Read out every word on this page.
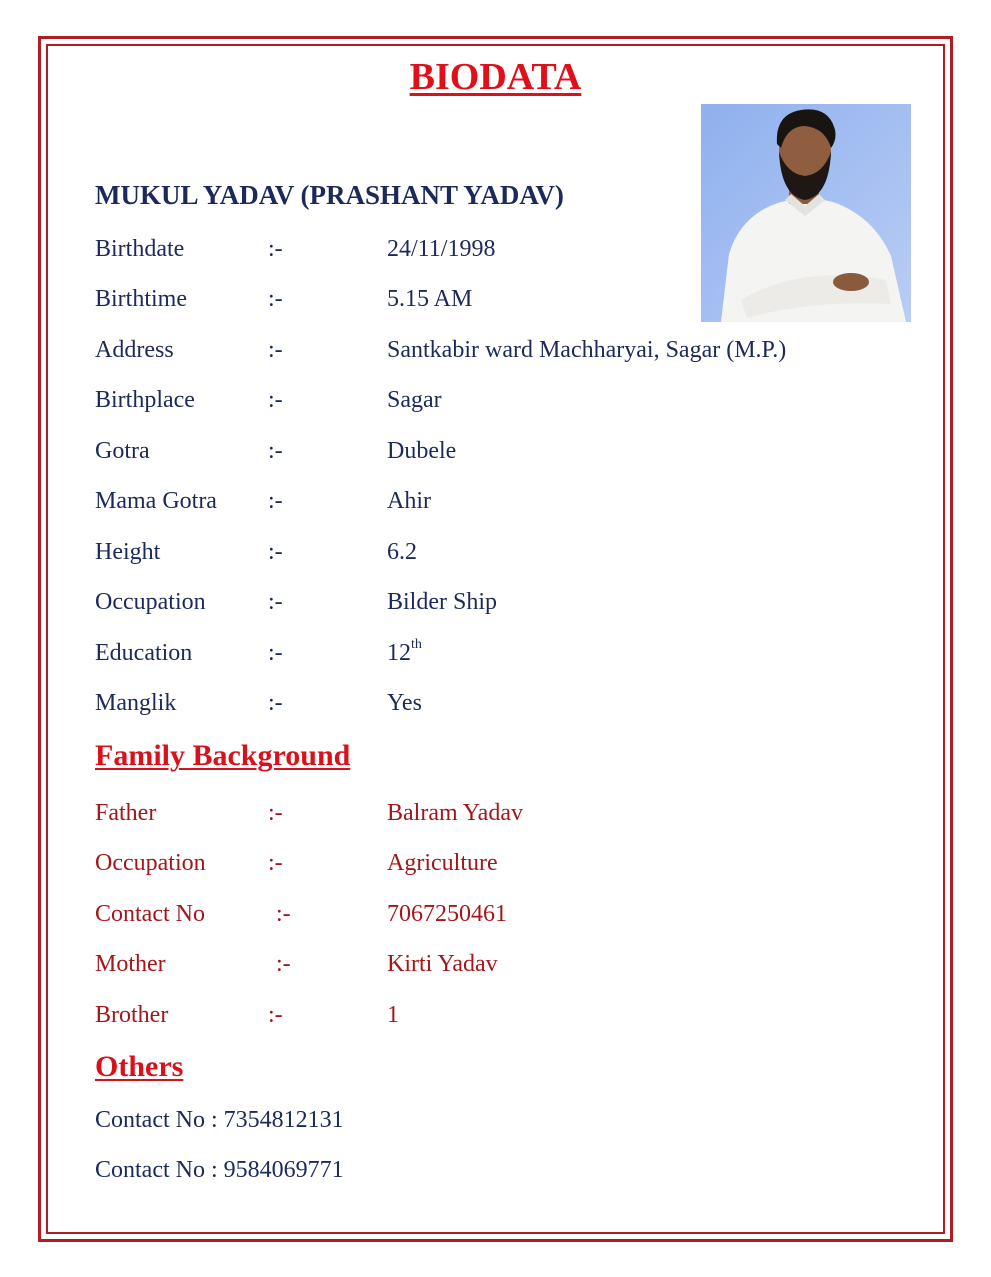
BIODATA
MUKUL YADAV (PRASHANT YADAV)
Birthdate	:-	24/11/1998
Birthtime	:-	5.15 AM
Address	:-	Santkabir ward Machharyai, Sagar (M.P.)
Birthplace	:-	Sagar
Gotra	:-	Dubele
Mama Gotra :-	Ahir
Height	:-	6.2
Occupation	:-	Bilder Ship
Education	:-	12th
Manglik	:-	Yes
Family Background
Father	:-	Balram Yadav
Occupation	:-	Agriculture
Contact No	:-	7067250461
Mother	:-	Kirti Yadav
Brother	:-	1
Others
Contact No : 7354812131
Contact No : 9584069771
